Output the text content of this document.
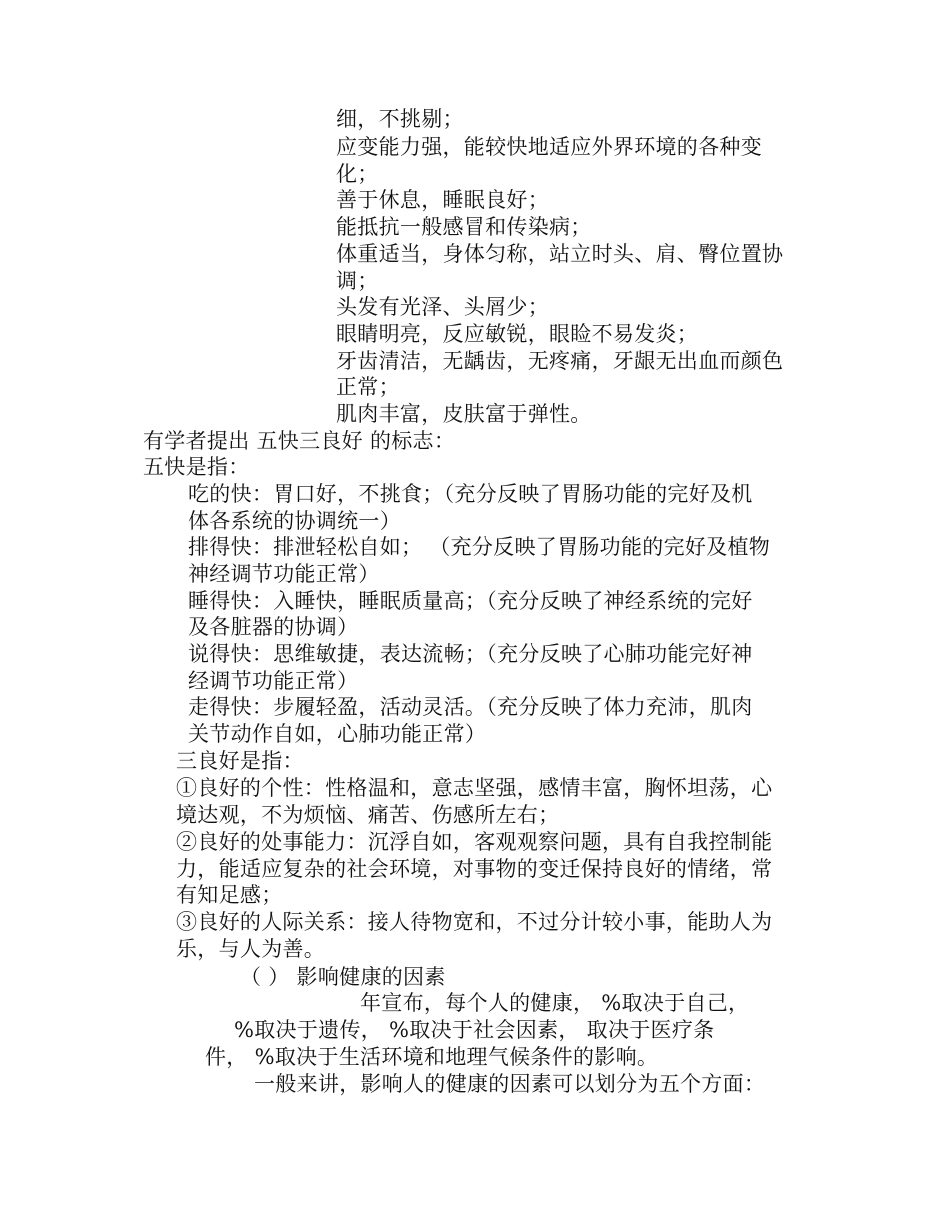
细，不挑剔；
应变能力强，能较快地适应外界环境的各种变
化；
善于休息，睡眠良好；
能抵抗一般感冒和传染病；
体重适当，身体匀称，站立时头、肩、臀位置协
调；
头发有光泽、头屑少；
眼睛明亮，反应敏锐，眼睑不易发炎；
牙齿清洁，无龋齿，无疼痛，牙龈无出血而颜色
正常；
肌肉丰富，皮肤富于弹性。
有学者提出 五快三良好 的标志：
五快是指：
吃的快：胃口好，不挑食；（充分反映了胃肠功能的完好及机
体各系统的协调统一）
排得快：排泄轻松自如； （充分反映了胃肠功能的完好及植物
神经调节功能正常）
睡得快：入睡快，睡眠质量高；（充分反映了神经系统的完好
及各脏器的协调）
说得快：思维敏捷，表达流畅；（充分反映了心肺功能完好神
经调节功能正常）
走得快：步履轻盈，活动灵活。（充分反映了体力充沛，肌肉
关节动作自如，心肺功能正常）
三良好是指：
①良好的个性：性格温和，意志坚强，感情丰富，胸怀坦荡，心
境达观，不为烦恼、痛苦、伤感所左右；
②良好的处事能力：沉浮自如，客观观察问题，具有自我控制能
力，能适应复杂的社会环境，对事物的变迁保持良好的情绪，常
有知足感；
③良好的人际关系：接人待物宽和，不过分计较小事，能助人为
乐，与人为善。
（ ） 影响健康的因素
年宣布，每个人的健康， %取决于自己，
%取决于遗传， %取决于社会因素， 取决于医疗条
件， %取决于生活环境和地理气候条件的影响。
一般来讲，影响人的健康的因素可以划分为五个方面：
